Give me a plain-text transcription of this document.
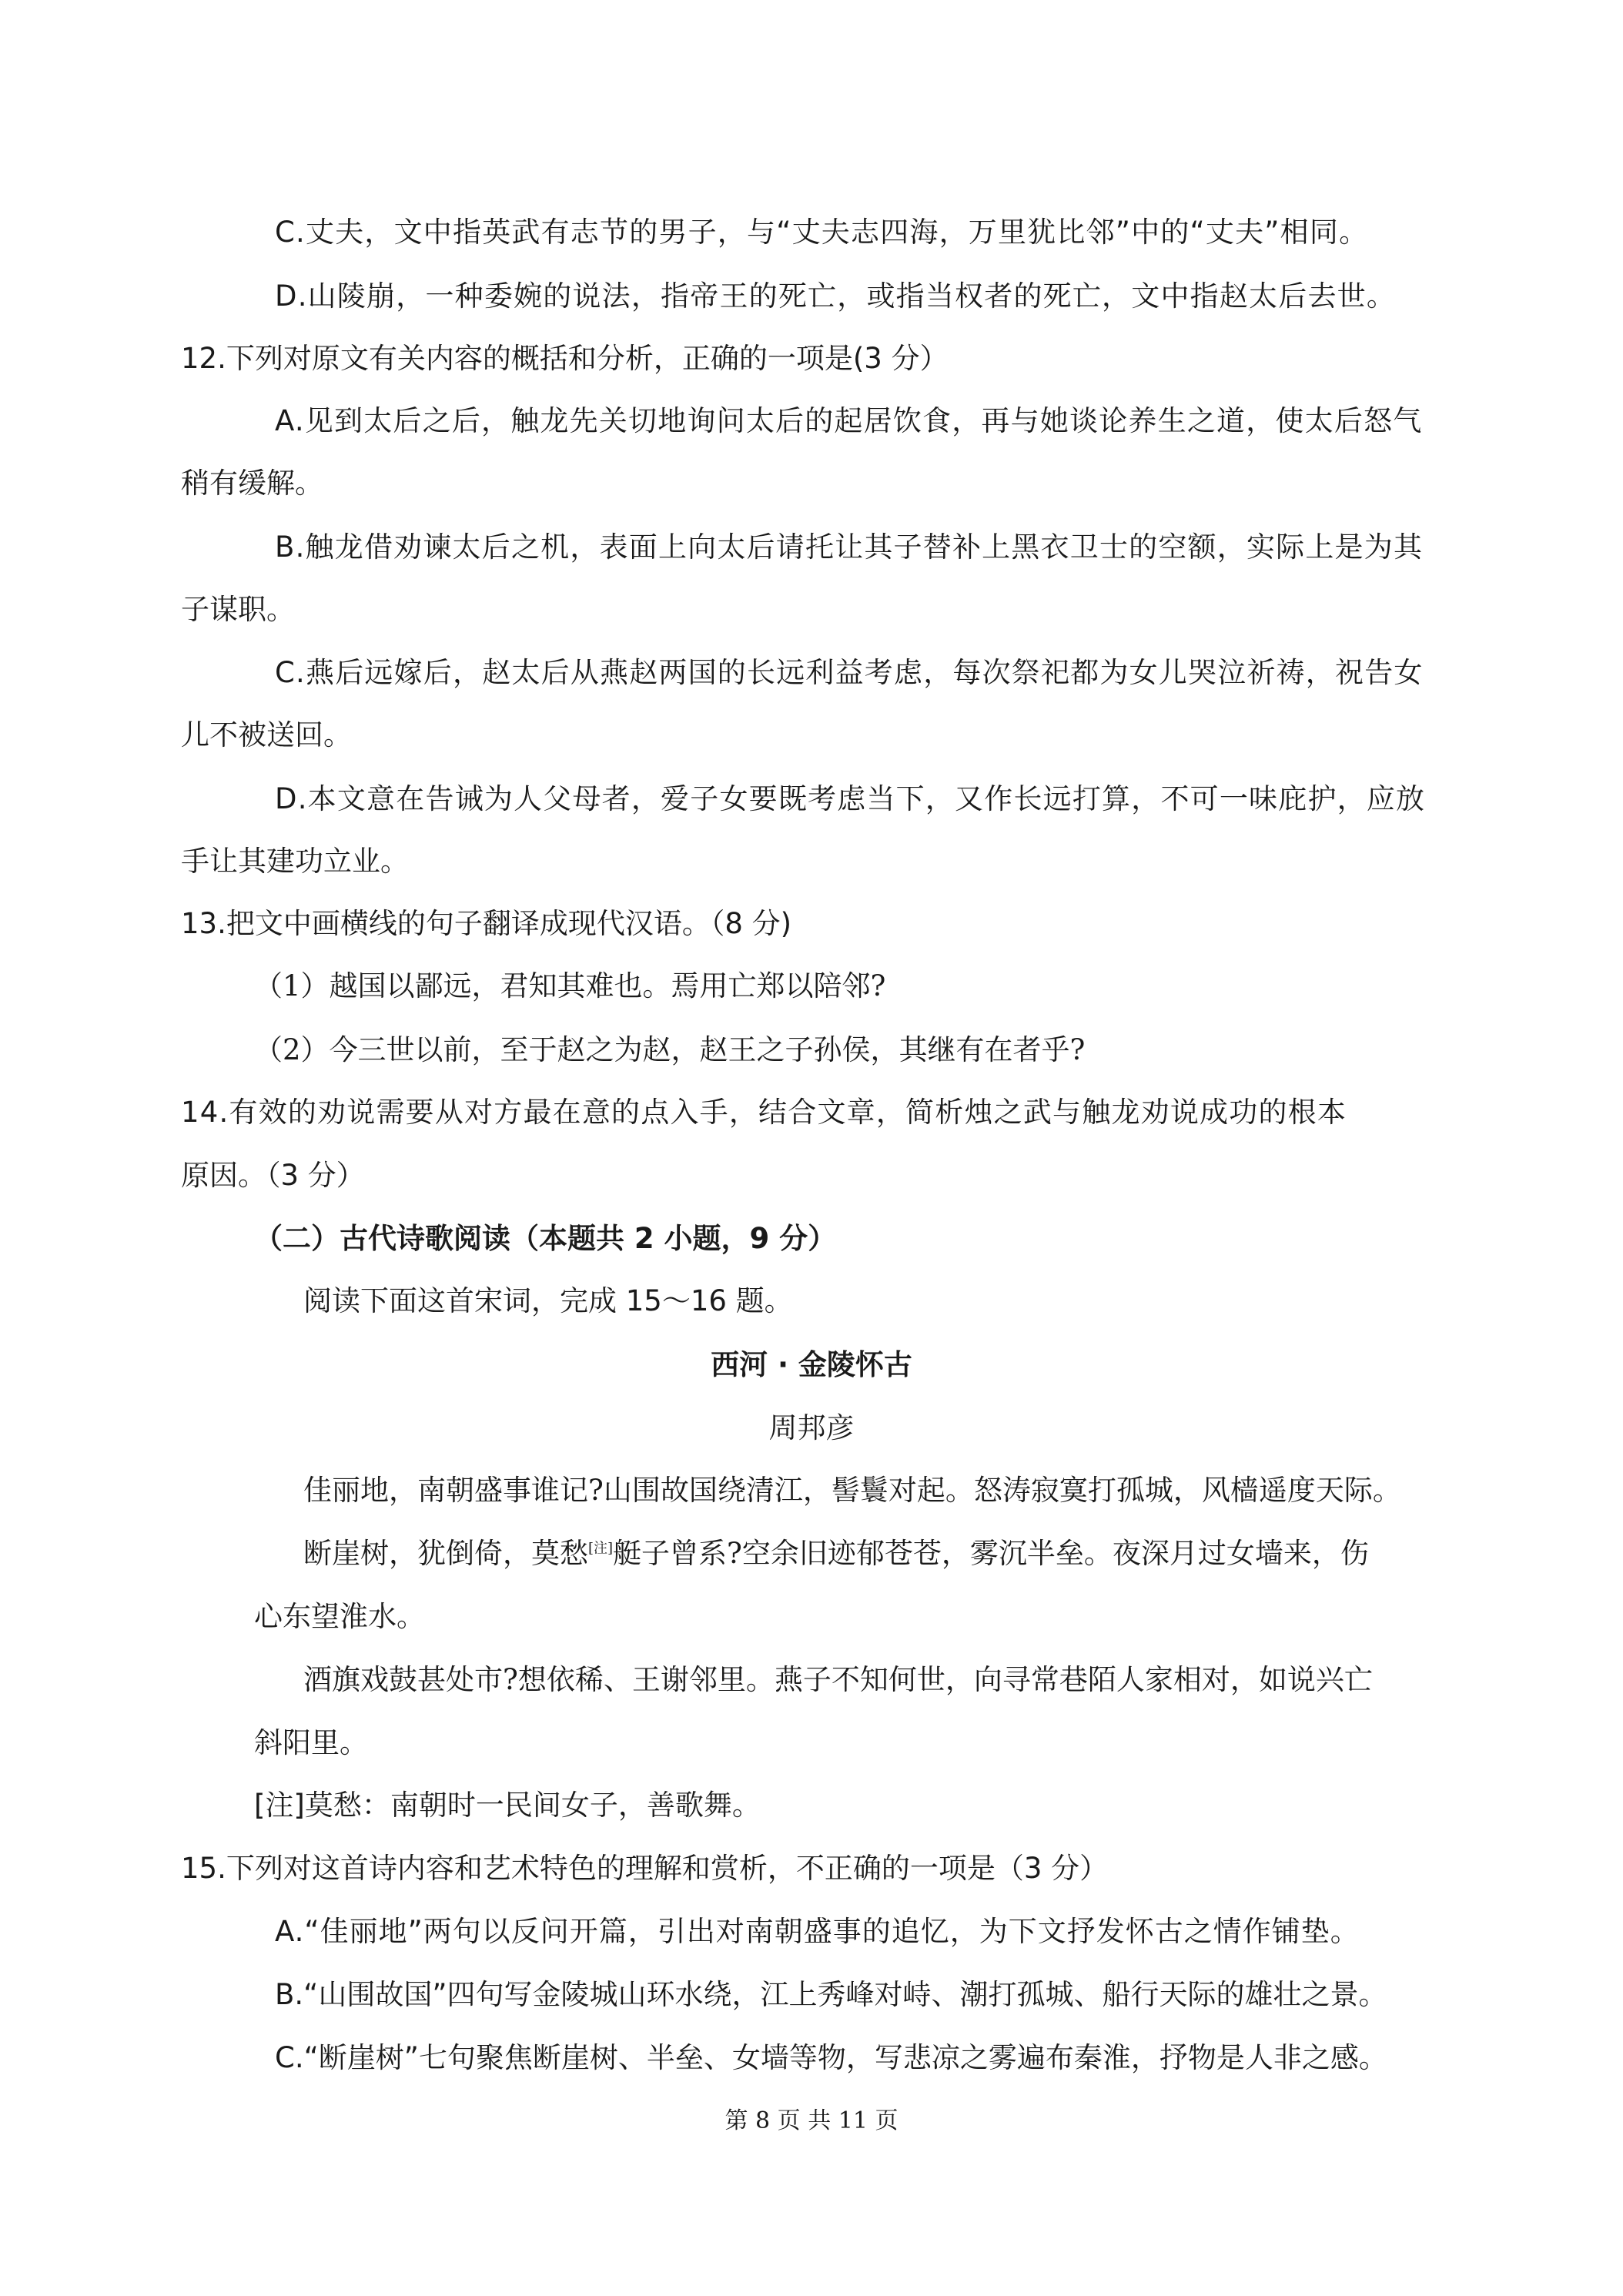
C.丈夫，文中指英武有志节的男子，与“丈夫志四海，万里犹比邻”中的“丈夫”相同。
D.山陵崩，一种委婉的说法，指帝王的死亡，或指当权者的死亡，文中指赵太后去世。
12.下列对原文有关内容的概括和分析，正确的一项是(3 分）
A.见到太后之后，触龙先关切地询问太后的起居饮食，再与她谈论养生之道，使太后怒气
稍有缓解。
B.触龙借劝谏太后之机，表面上向太后请托让其子替补上黑衣卫士的空额，实际上是为其
子谋职。
C.燕后远嫁后，赵太后从燕赵两国的长远利益考虑，每次祭祀都为女儿哭泣祈祷，祝告女
儿不被送回。
D.本文意在告诫为人父母者，爱子女要既考虑当下，又作长远打算，不可一味庇护，应放
手让其建功立业。
13.把文中画横线的句子翻译成现代汉语。（8 分)
（1）越国以鄙远，君知其难也。焉用亡郑以陪邻?
（2）今三世以前，至于赵之为赵，赵王之子孙侯，其继有在者乎?
14.有效的劝说需要从对方最在意的点入手，结合文章，简析烛之武与触龙劝说成功的根本
原因。（3 分）
（二）古代诗歌阅读（本题共 2 小题，9 分）
阅读下面这首宋词，完成 15～16 题。
西河 · 金陵怀古
周邦彦
佳丽地，南朝盛事谁记?山围故国绕清江，髻鬟对起。怒涛寂寞打孤城，风樯遥度天际。
断崖树，犹倒倚，莫愁[注]艇子曾系?空余旧迹郁苍苍，雾沉半垒。夜深月过女墙来，伤
心东望淮水。
酒旗戏鼓甚处市?想依稀、王谢邻里。燕子不知何世，向寻常巷陌人家相对，如说兴亡
斜阳里。
[注]莫愁：南朝时一民间女子，善歌舞。
15.下列对这首诗内容和艺术特色的理解和赏析，不正确的一项是（3 分）
A.“佳丽地”两句以反问开篇，引出对南朝盛事的追忆，为下文抒发怀古之情作铺垫。
B.“山围故国”四句写金陵城山环水绕，江上秀峰对峙、潮打孤城、船行天际的雄壮之景。
C.“断崖树”七句聚焦断崖树、半垒、女墙等物，写悲凉之雾遍布秦淮，抒物是人非之感。
第 8 页 共 11 页
